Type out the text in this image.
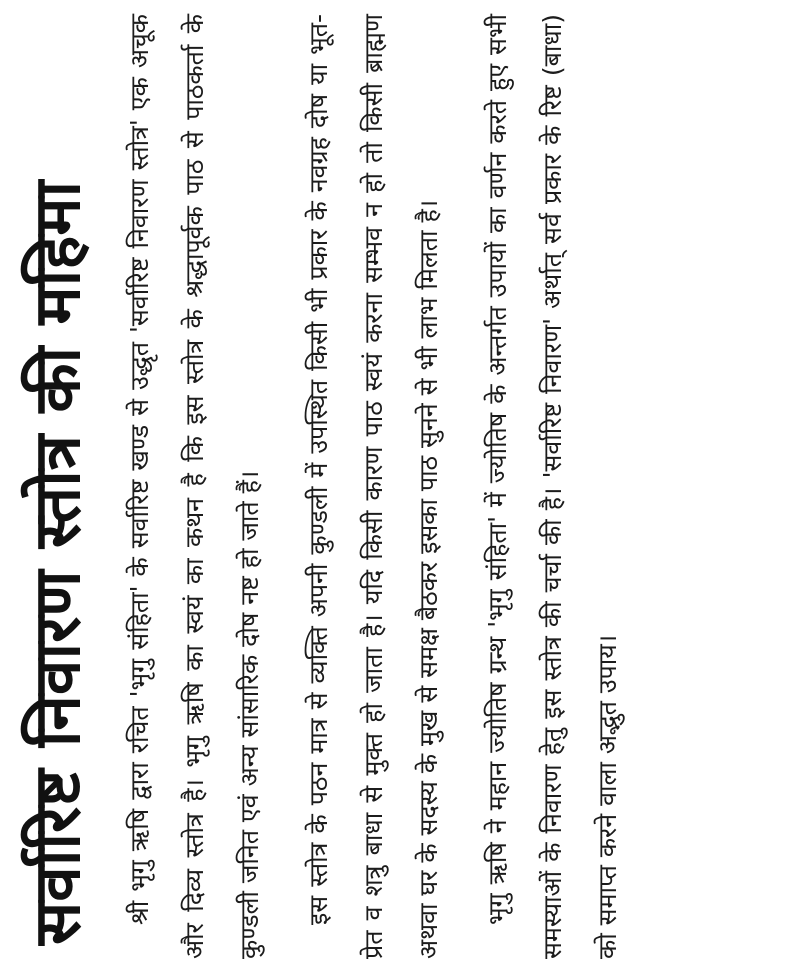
सर्वारिष्ट निवारण स्तोत्र की महिमा	श्री भृगु ऋषि द्वारा रचित 'भृगु संहिता' के सर्वारिष्ट खण्ड से उद्धृत 'सर्वारिष्ट निवारण स्तोत्र' एक अचूक और दिव्य स्तोत्र है। भृगु ऋषि का स्वयं का कथन है कि इस स्तोत्र के श्रद्धापूर्वक पाठ से पाठकर्ता के कुण्डली जनित एवं अन्य सांसारिक दोष नष्ट हो जाते हैं।	इस स्तोत्र के पठन मात्र से व्यक्ति अपनी कुण्डली में उपस्थित किसी भी प्रकार के नवग्रह दोष या भूत-प्रेत व शत्रु बाधा से मुक्त हो जाता है। यदि किसी कारण पाठ स्वयं करना सम्भव न हो तो किसी ब्राह्मण अथवा घर के सदस्य के मुख से समक्ष बैठकर इसका पाठ सुनने से भी लाभ मिलता है।	भृगु ऋषि ने महान ज्योतिष ग्रन्थ 'भृगु संहिता' में ज्योतिष के अन्तर्गत उपायों का वर्णन करते हुए सभी समस्याओं के निवारण हेतु इस स्तोत्र की चर्चा की है। 'सर्वारिष्ट निवारण' अर्थात् सर्व प्रकार के रिष्ट (बाधा) को समाप्त करने वाला अद्भुत उपाय।
